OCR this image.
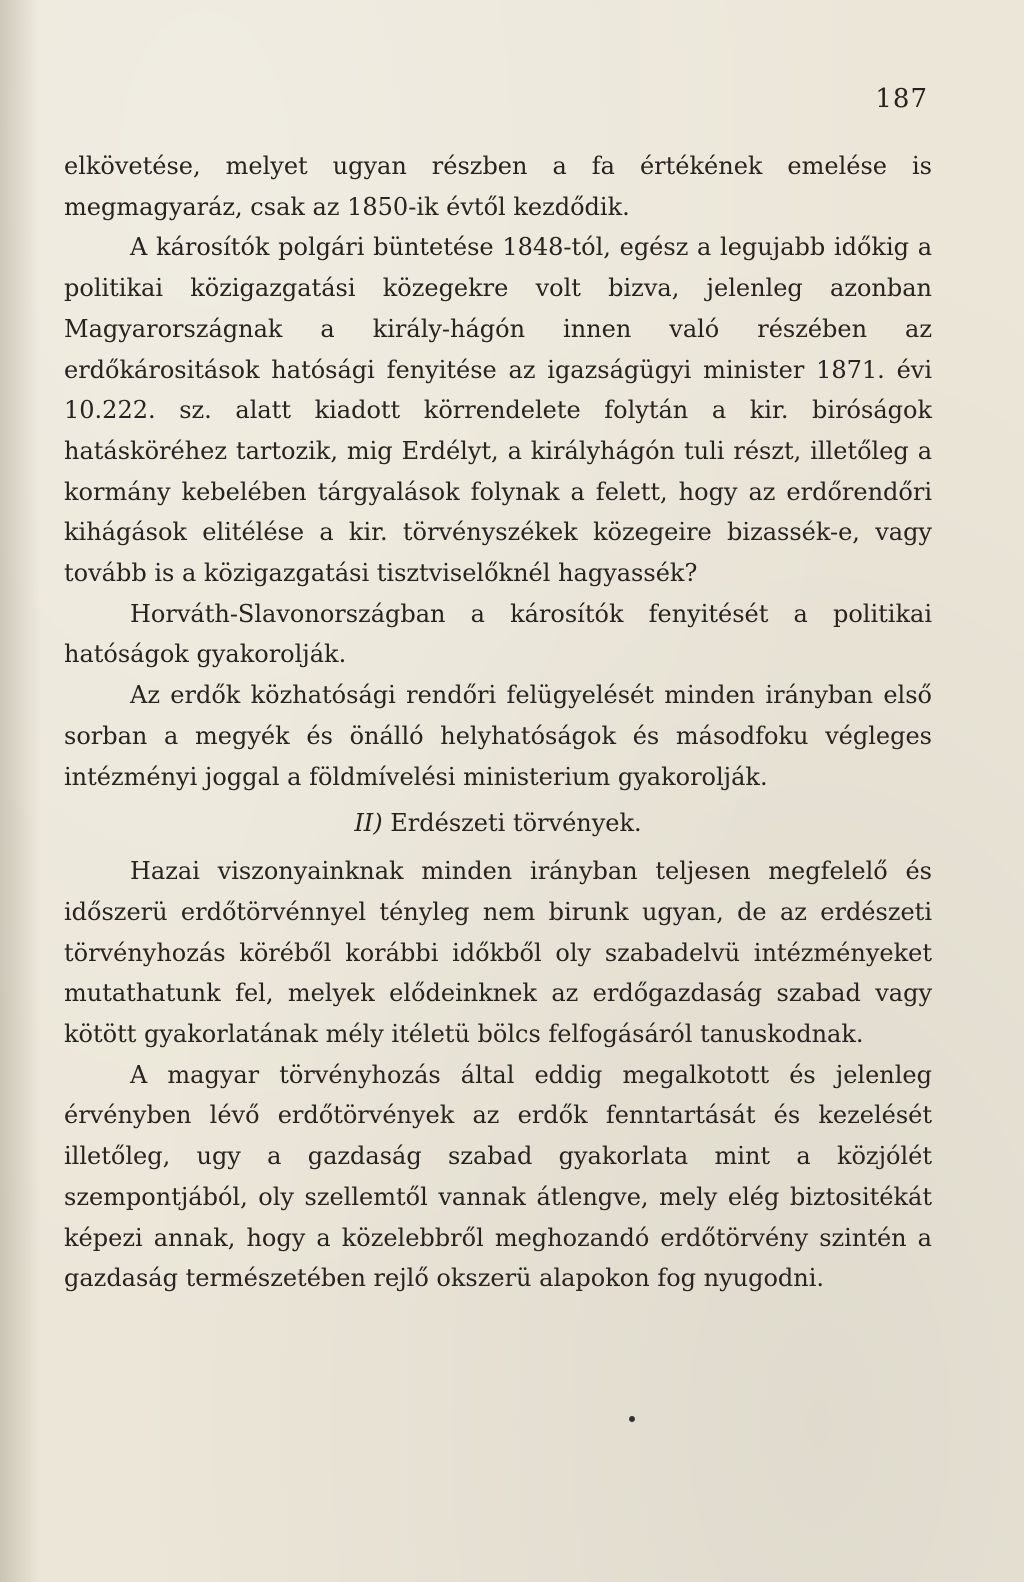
187

elkövetése, melyet ugyan részben a fa értékének emelése is megmagyaráz, csak az 1850-ik évtől kezdődik.

A károsítók polgári büntetése 1848-tól, egész a legujabb időkig a politikai közigazgatási közegekre volt bizva, jelenleg azonban Magyarországnak a király-hágón innen való részében az erdőkárositások hatósági fenyitése az igazságügyi minister 1871. évi 10.222. sz. alatt kiadott körrendelete folytán a kir. biróságok hatásköréhez tartozik, mig Erdélyt, a királyhágón tuli részt, illetőleg a kormány kebelében tárgyalások folynak a felett, hogy az erdőrendőri kihágások elitélése a kir. törvényszékek közegeire bizassék-e, vagy tovább is a közigazgatási tisztviselőknél hagyassék?

Horváth-Slavonországban a károsítók fenyitését a politikai hatóságok gyakorolják.

Az erdők közhatósági rendőri felügyelését minden irányban első sorban a megyék és önálló helyhatóságok és másodfoku végleges intézményi joggal a földmívelési ministerium gyakorolják.

II) Erdészeti törvények.

Hazai viszonyainknak minden irányban teljesen megfelelő és időszerü erdőtörvénnyel tényleg nem birunk ugyan, de az erdészeti törvényhozás köréből korábbi időkből oly szabadelvü intézményeket mutathatunk fel, melyek elődeinknek az erdőgazdaság szabad vagy kötött gyakorlatának mély itéletü bölcs felfogásáról tanuskodnak.

A magyar törvényhozás által eddig megalkotott és jelenleg érvényben lévő erdőtörvények az erdők fenntartását és kezelését illetőleg, ugy a gazdaság szabad gyakorlata mint a közjólét szempontjából, oly szellemtől vannak átlengve, mely elég biztositékát képezi annak, hogy a közelebbről meghozandó erdőtörvény szintén a gazdaság természetében rejlő okszerü alapokon fog nyugodni.
